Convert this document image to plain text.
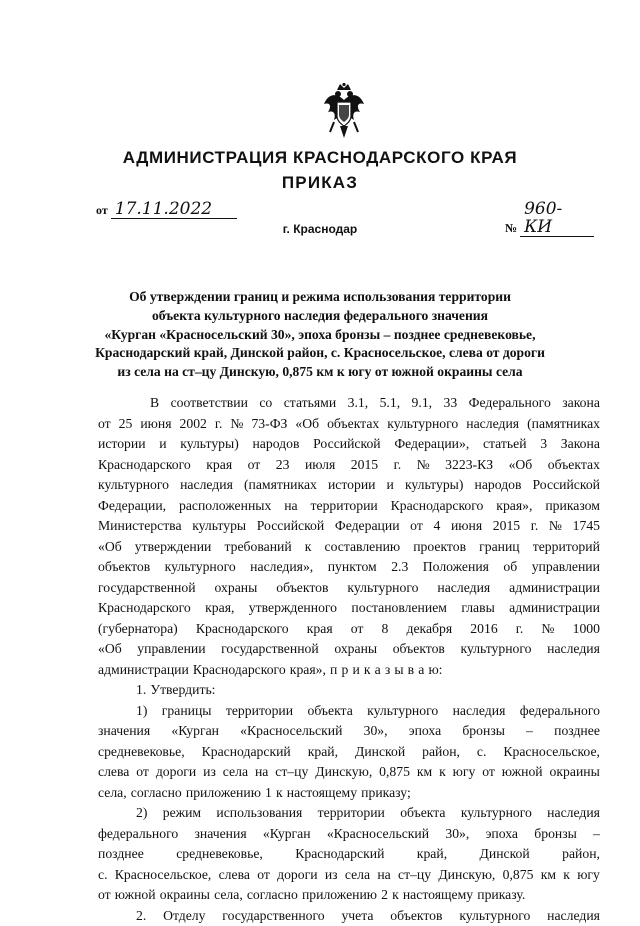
АДМИНИСТРАЦИЯ КРАСНОДАРСКОГО КРАЯ
ПРИКАЗ
от 17.11.2022
№ 960-КИ
г. Краснодар
Об утверждении границ и режима использования территории
объекта культурного наследия федерального значения
«Курган «Красносельский 30», эпоха бронзы – позднее средневековье,
Краснодарский край, Динской район, с. Красносельское, слева от дороги
из села на ст–цу Динскую, 0,875 км к югу от южной окраины села
В соответствии со статьями 3.1, 5.1, 9.1, 33 Федерального закона
от 25 июня 2002 г. № 73-ФЗ «Об объектах культурного наследия (памятниках
истории и культуры) народов Российской Федерации», статьей 3 Закона
Краснодарского края от 23 июля 2015 г. № 3223-КЗ «Об объектах
культурного наследия (памятниках истории и культуры) народов Российской
Федерации, расположенных на территории Краснодарского края», приказом
Министерства культуры Российской Федерации от 4 июня 2015 г. № 1745
«Об утверждении требований к составлению проектов границ территорий
объектов культурного наследия», пунктом 2.3 Положения об управлении
государственной охраны объектов культурного наследия администрации
Краснодарского края, утвержденного постановлением главы администрации
(губернатора) Краснодарского края от 8 декабря 2016 г. № 1000
«Об управлении государственной охраны объектов культурного наследия
администрации Краснодарского края», п р и к а з ы в а ю:
1. Утвердить:
1) границы территории объекта культурного наследия федерального
значения «Курган «Красносельский 30», эпоха бронзы – позднее
средневековье, Краснодарский край, Динской район, с. Красносельское,
слева от дороги из села на ст–цу Динскую, 0,875 км к югу от южной окраины
села, согласно приложению 1 к настоящему приказу;
2) режим использования территории объекта культурного наследия
федерального значения «Курган «Красносельский 30», эпоха бронзы –
позднее средневековье, Краснодарский край, Динской район,
с. Красносельское, слева от дороги из села на ст–цу Динскую, 0,875 км к югу
от южной окраины села, согласно приложению 2 к настоящему приказу.
2. Отделу государственного учета объектов культурного наследия
